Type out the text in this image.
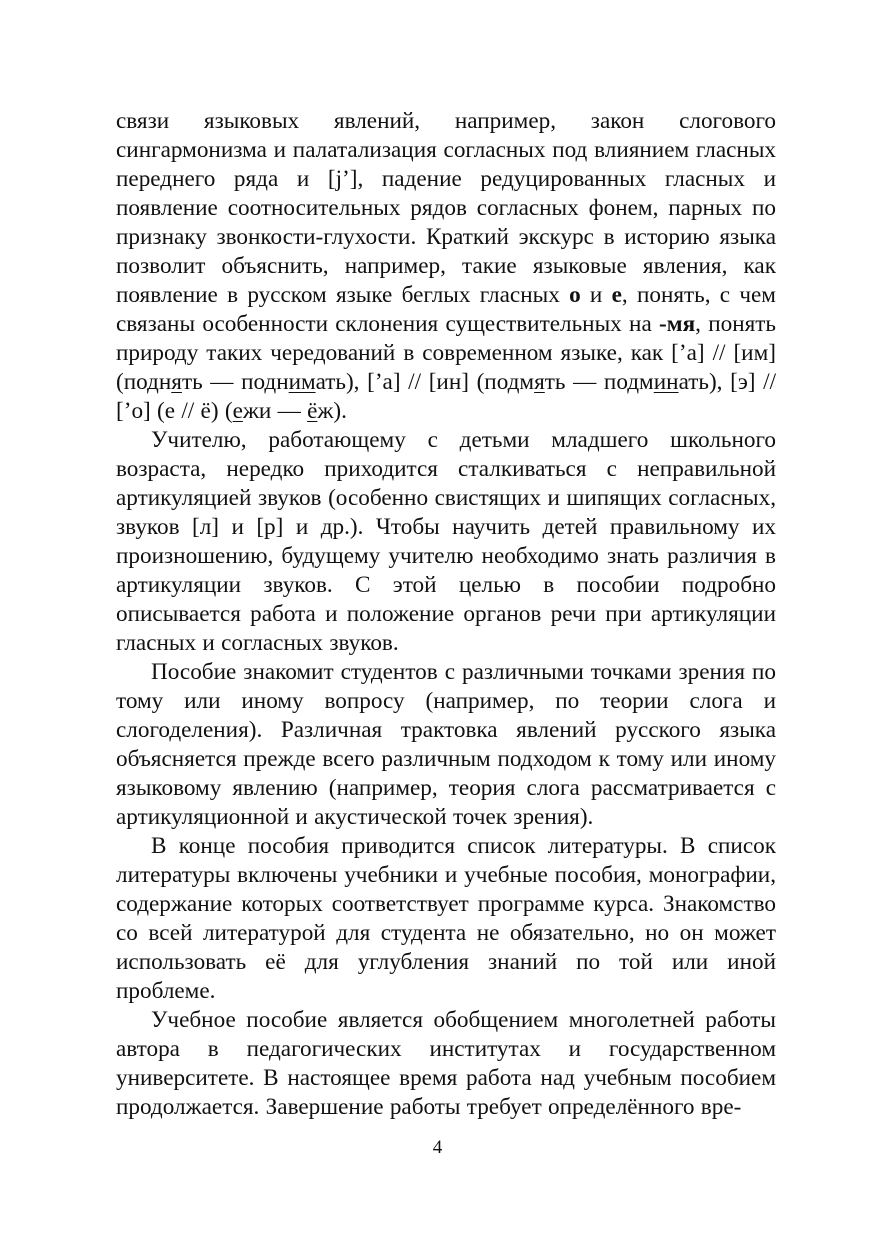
связи языковых явлений, например, закон слогового сингармонизма и палатализация согласных под влиянием гласных переднего ряда и [j’], падение редуцированных гласных и появление соотносительных рядов согласных фонем, парных по признаку звонкости-глухости. Краткий экскурс в историю языка позволит объяснить, например, такие языковые явления, как появление в русском языке беглых гласных о и е, понять, с чем связаны особенности склонения существительных на -мя, понять природу таких чередований в современном языке, как [’а] // [им] (поднять — поднимать), [’а] // [ин] (подмять — подминать), [э] // [’о] (е // ё) (ежи — ёж).

Учителю, работающему с детьми младшего школьного возраста, нередко приходится сталкиваться с неправильной артикуляцией звуков (особенно свистящих и шипящих согласных, звуков [л] и [р] и др.). Чтобы научить детей правильному их произношению, будущему учителю необходимо знать различия в артикуляции звуков. С этой целью в пособии подробно описывается работа и положение органов речи при артикуляции гласных и согласных звуков.

Пособие знакомит студентов с различными точками зрения по тому или иному вопросу (например, по теории слога и слогоделения). Различная трактовка явлений русского языка объясняется прежде всего различным подходом к тому или иному языковому явлению (например, теория слога рассматривается с артикуляционной и акустической точек зрения).

В конце пособия приводится список литературы. В список литературы включены учебники и учебные пособия, монографии, содержание которых соответствует программе курса. Знакомство со всей литературой для студента не обязательно, но он может использовать её для углубления знаний по той или иной проблеме.

Учебное пособие является обобщением многолетней работы автора в педагогических институтах и государственном университете. В настоящее время работа над учебным пособием продолжается. Завершение работы требует определённого вре-

4
